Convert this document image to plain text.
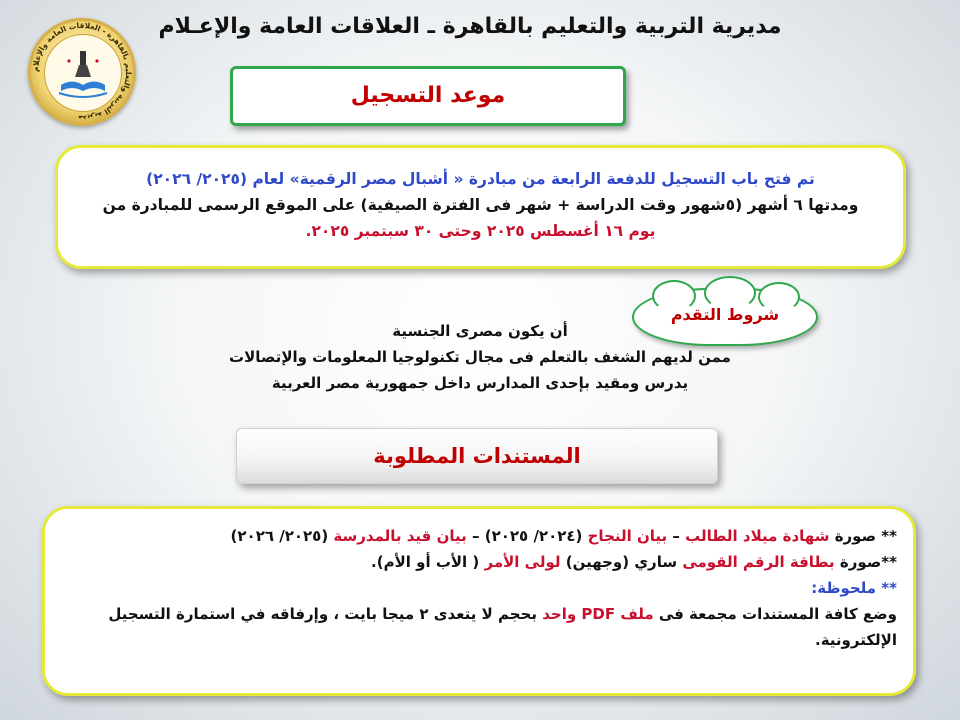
مديرية التربية والتعليم بالقاهرة ـ العلاقات العامة والإعـلام
مديرية التربية والتعليم بالقاهرة - العلاقات العامة والإعلام
موعد التسجيل
تم فتح باب التسجيل للدفعة الرابعة من مبادرة « أشبال مصر الرقمية» لعام (٢٠٢٥/ ٢٠٢٦)
ومدتها ٦ أشهر (٥شهور وقت الدراسة + شهر فى الفترة الصيفية) على الموقع الرسمى للمبادرة من
يوم ١٦ أغسطس ٢٠٢٥ وحتى ٣٠ سبتمبر ٢٠٢٥.
شروط التقدم
أن يكون مصرى الجنسية
ممن لديهم الشغف بالتعلم فى مجال تكنولوجيا المعلومات والإتصالات
يدرس ومقيد بإحدى المدارس داخل جمهورية مصر العربية
المستندات المطلوبة
** صورة شهادة ميلاد الطالب – بيان النجاح (٢٠٢٤/ ٢٠٢٥) – بيان قيد بالمدرسة (٢٠٢٥/ ٢٠٢٦)
**صورة بطاقة الرقم القومى ساري (وجهين) لولى الأمر ( الأب أو الأم).
** ملحوظة:
وضع كافة المستندات مجمعة فى ملف PDF واحد بحجم لا يتعدى ٢ ميجا بايت ، وإرفاقه في استمارة التسجيل
الإلكترونية.
